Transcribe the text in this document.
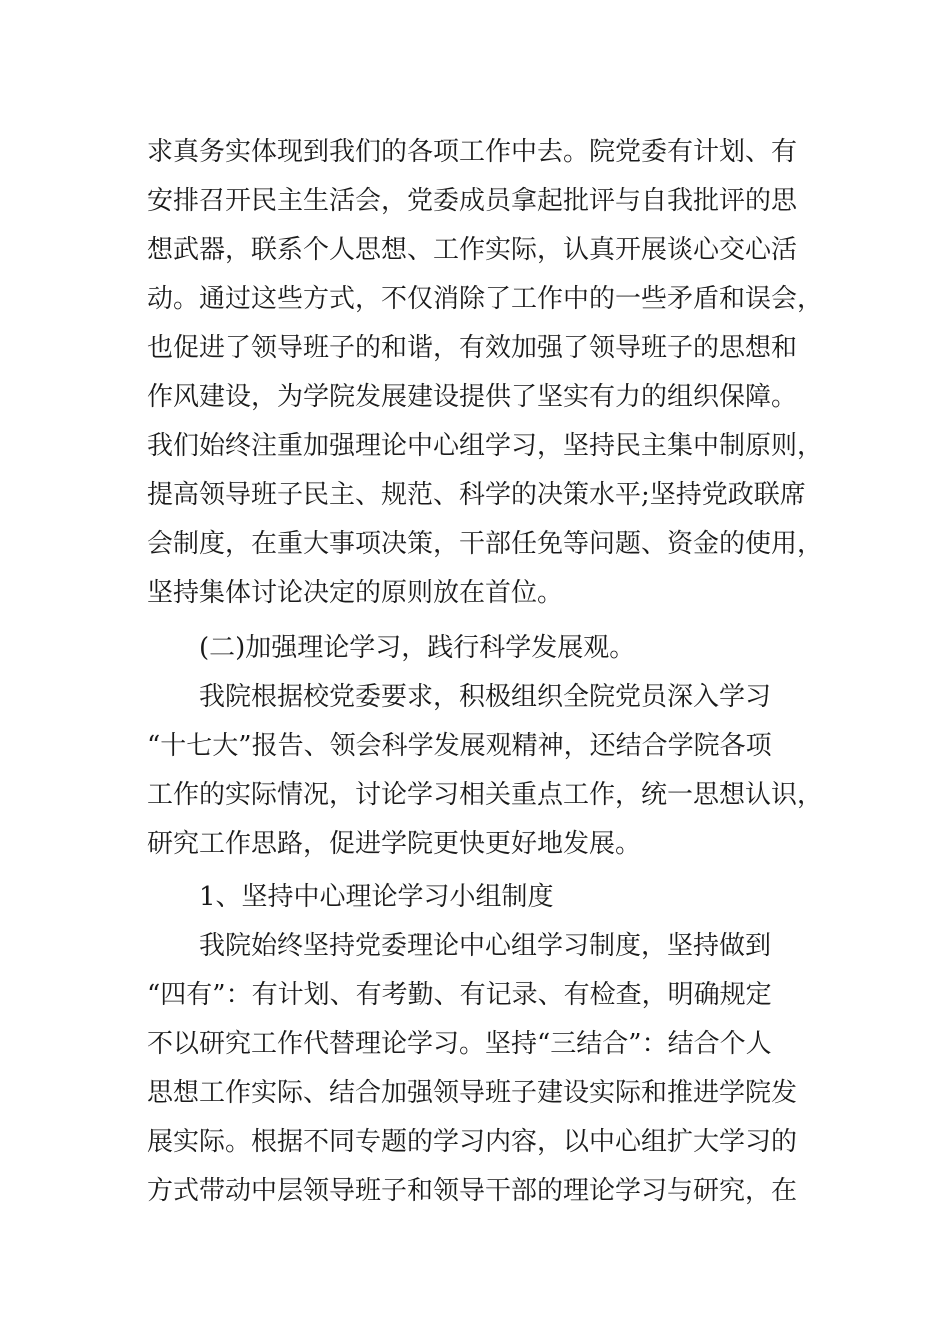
求真务实体现到我们的各项工作中去。院党委有计划、有

安排召开民主生活会，党委成员拿起批评与自我批评的思

想武器，联系个人思想、工作实际，认真开展谈心交心活

动。通过这些方式，不仅消除了工作中的一些矛盾和误会，

也促进了领导班子的和谐，有效加强了领导班子的思想和

作风建设，为学院发展建设提供了坚实有力的组织保障。

我们始终注重加强理论中心组学习，坚持民主集中制原则，

提高领导班子民主、规范、科学的决策水平;坚持党政联席

会制度，在重大事项决策，干部任免等问题、资金的使用，

坚持集体讨论决定的原则放在首位。

(二)加强理论学习，践行科学发展观。

我院根据校党委要求，积极组织全院党员深入学习

“十七大”报告、领会科学发展观精神，还结合学院各项

工作的实际情况，讨论学习相关重点工作，统一思想认识，

研究工作思路，促进学院更快更好地发展。

1、坚持中心理论学习小组制度

我院始终坚持党委理论中心组学习制度，坚持做到

“四有”：有计划、有考勤、有记录、有检查，明确规定

不以研究工作代替理论学习。坚持“三结合”：结合个人

思想工作实际、结合加强领导班子建设实际和推进学院发

展实际。根据不同专题的学习内容，以中心组扩大学习的

方式带动中层领导班子和领导干部的理论学习与研究，在
